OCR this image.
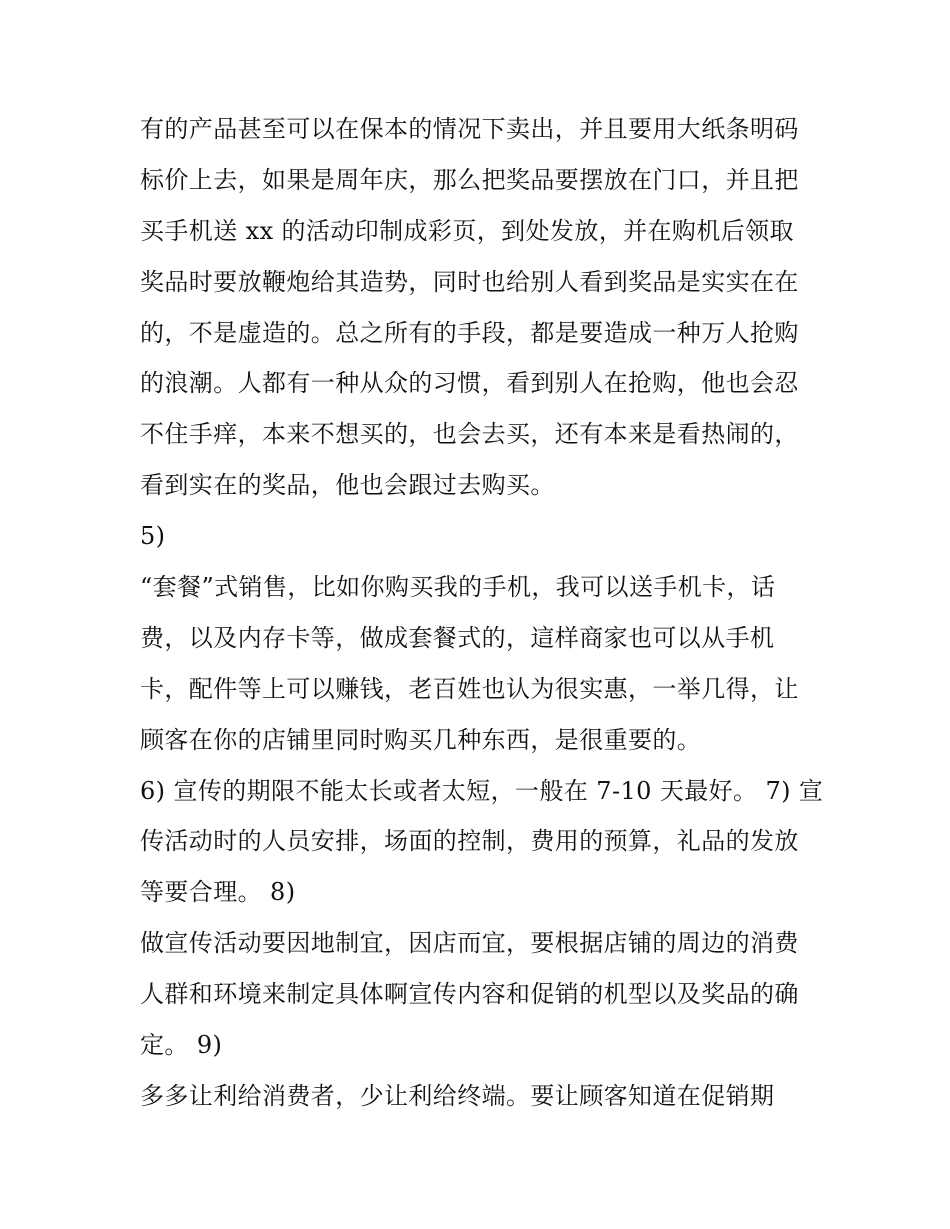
有的产品甚至可以在保本的情况下卖出，并且要用大纸条明码
标价上去，如果是周年庆，那么把奖品要摆放在门口，并且把
买手机送 xx 的活动印制成彩页，到处发放，并在购机后领取
奖品时要放鞭炮给其造势，同时也给别人看到奖品是实实在在
的，不是虚造的。总之所有的手段，都是要造成一种万人抢购
的浪潮。人都有一种从众的习惯，看到别人在抢购，他也会忍
不住手痒，本来不想买的，也会去买，还有本来是看热闹的，
看到实在的奖品，他也会跟过去购买。
5)
“套餐”式销售，比如你购买我的手机，我可以送手机卡，话
费，以及内存卡等，做成套餐式的，這样商家也可以从手机
卡，配件等上可以赚钱，老百姓也认为很实惠，一举几得，让
顾客在你的店铺里同时购买几种东西，是很重要的。
6) 宣传的期限不能太长或者太短，一般在 7-10 天最好。 7) 宣
传活动时的人员安排，场面的控制，费用的预算，礼品的发放
等要合理。 8)
做宣传活动要因地制宜，因店而宜，要根据店铺的周边的消费
人群和环境来制定具体啊宣传内容和促销的机型以及奖品的确
定。 9)
多多让利给消费者，少让利给终端。要让顾客知道在促销期
